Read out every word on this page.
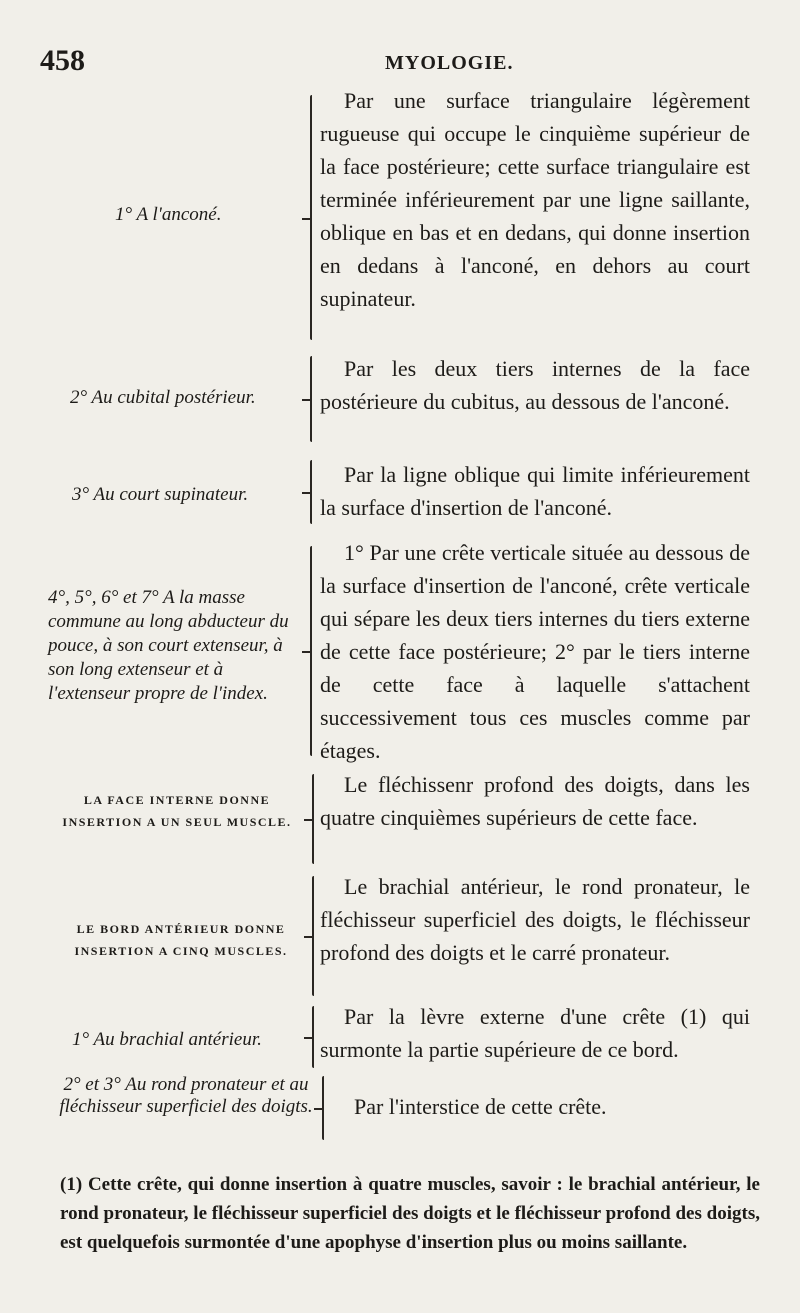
458	MYOLOGIE.
1° A l'anconé.
Par une surface triangulaire légèrement rugueuse qui occupe le cinquième supérieur de la face postérieure; cette surface triangulaire est terminée inférieurement par une ligne saillante, oblique en bas et en dedans, qui donne insertion en dedans à l'anconé, en dehors au court supinateur.
2° Au cubital postérieur.
Par les deux tiers internes de la face postérieure du cubitus, au dessous de l'anconé.
3° Au court supinateur.
Par la ligne oblique qui limite inférieurement la surface d'insertion de l'anconé.
4°, 5°, 6° et 7° A la masse commune au long abducteur du pouce, à son court extenseur, à son long extenseur et à l'extenseur propre de l'index.
1° Par une crête verticale située au dessous de la surface d'insertion de l'anconé, crête verticale qui sépare les deux tiers internes du tiers externe de cette face postérieure; 2° par le tiers interne de cette face à laquelle s'attachent successivement tous ces muscles comme par étages.
LA FACE INTERNE DONNE INSERTION A UN SEUL MUSCLE.
Le fléchissenr profond des doigts, dans les quatre cinquièmes supérieurs de cette face.
LE BORD ANTÉRIEUR DONNE INSERTION A CINQ MUSCLES.
Le brachial antérieur, le rond pronateur, le fléchisseur superficiel des doigts, le fléchisseur profond des doigts et le carré pronateur.
1° Au brachial antérieur.
Par la lèvre externe d'une crête (1) qui surmonte la partie supérieure de ce bord.
2° et 3° Au rond pronateur et au fléchisseur superficiel des doigts.	Par l'interstice de cette crête.
(1) Cette crête, qui donne insertion à quatre muscles, savoir : le brachial antérieur, le rond pronateur, le fléchisseur superficiel des doigts et le fléchisseur profond des doigts, est quelquefois surmontée d'une apophyse d'insertion plus ou moins saillante.
